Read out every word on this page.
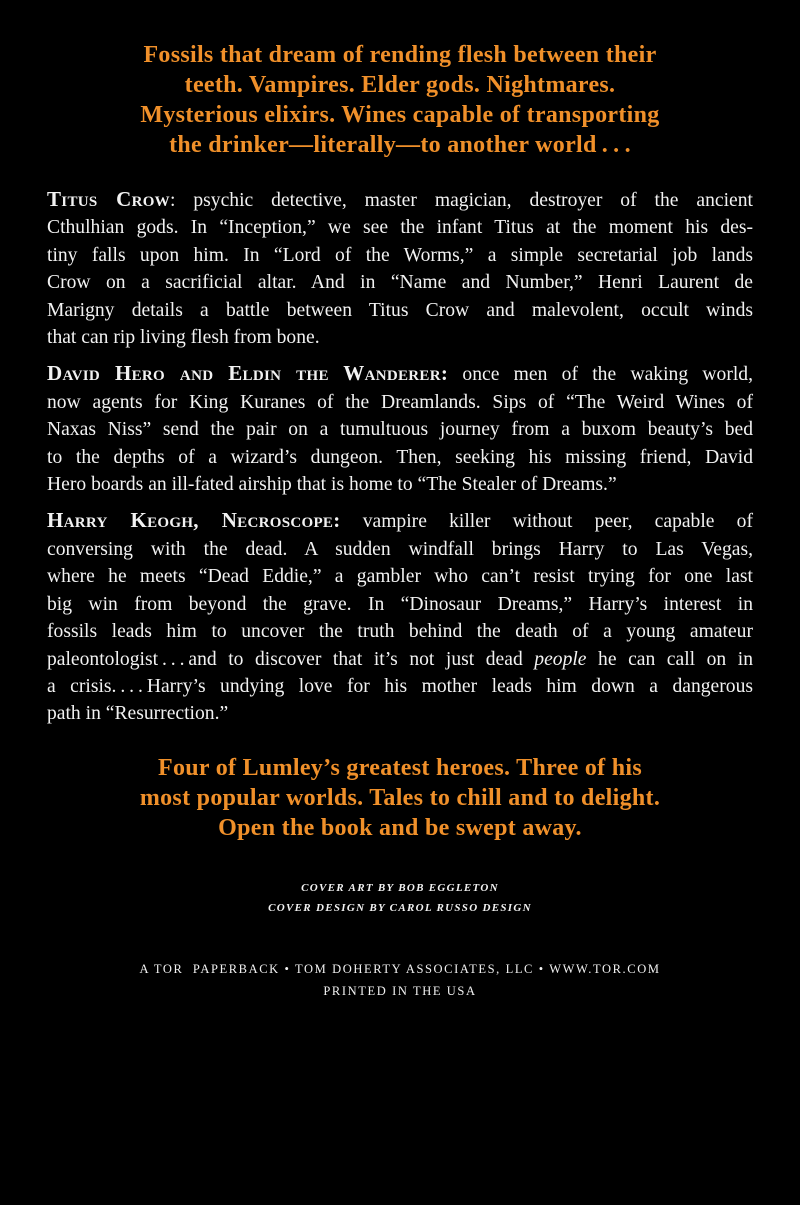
Fossils that dream of rending flesh between their
teeth. Vampires. Elder gods. Nightmares.
Mysterious elixirs. Wines capable of transporting
the drinker—literally—to another world . . .
Titus Crow: psychic detective, master magician, destroyer of the ancient
Cthulhian gods. In “Inception,” we see the infant Titus at the moment his des-
tiny falls upon him. In “Lord of the Worms,” a simple secretarial job lands
Crow on a sacrificial altar. And in “Name and Number,” Henri Laurent de
Marigny details a battle between Titus Crow and malevolent, occult winds
that can rip living flesh from bone.
David Hero and Eldin the Wanderer: once men of the waking world,
now agents for King Kuranes of the Dreamlands. Sips of “The Weird Wines of
Naxas Niss” send the pair on a tumultuous journey from a buxom beauty’s bed
to the depths of a wizard’s dungeon. Then, seeking his missing friend, David
Hero boards an ill-fated airship that is home to “The Stealer of Dreams.”
Harry Keogh, Necroscope: vampire killer without peer, capable of
conversing with the dead. A sudden windfall brings Harry to Las Vegas,
where he meets “Dead Eddie,” a gambler who can’t resist trying for one last
big win from beyond the grave. In “Dinosaur Dreams,” Harry’s interest in
fossils leads him to uncover the truth behind the death of a young amateur
paleontologist . . . and to discover that it’s not just dead people he can call on in
a crisis. . . . Harry’s undying love for his mother leads him down a dangerous
path in “Resurrection.”
Four of Lumley’s greatest heroes. Three of his
most popular worlds. Tales to chill and to delight.
Open the book and be swept away.
COVER ART BY BOB EGGLETON
COVER DESIGN BY CAROL RUSSO DESIGN
A TOR  PAPERBACK • TOM DOHERTY ASSOCIATES, LLC • WWW.TOR.COM
PRINTED IN THE USA
